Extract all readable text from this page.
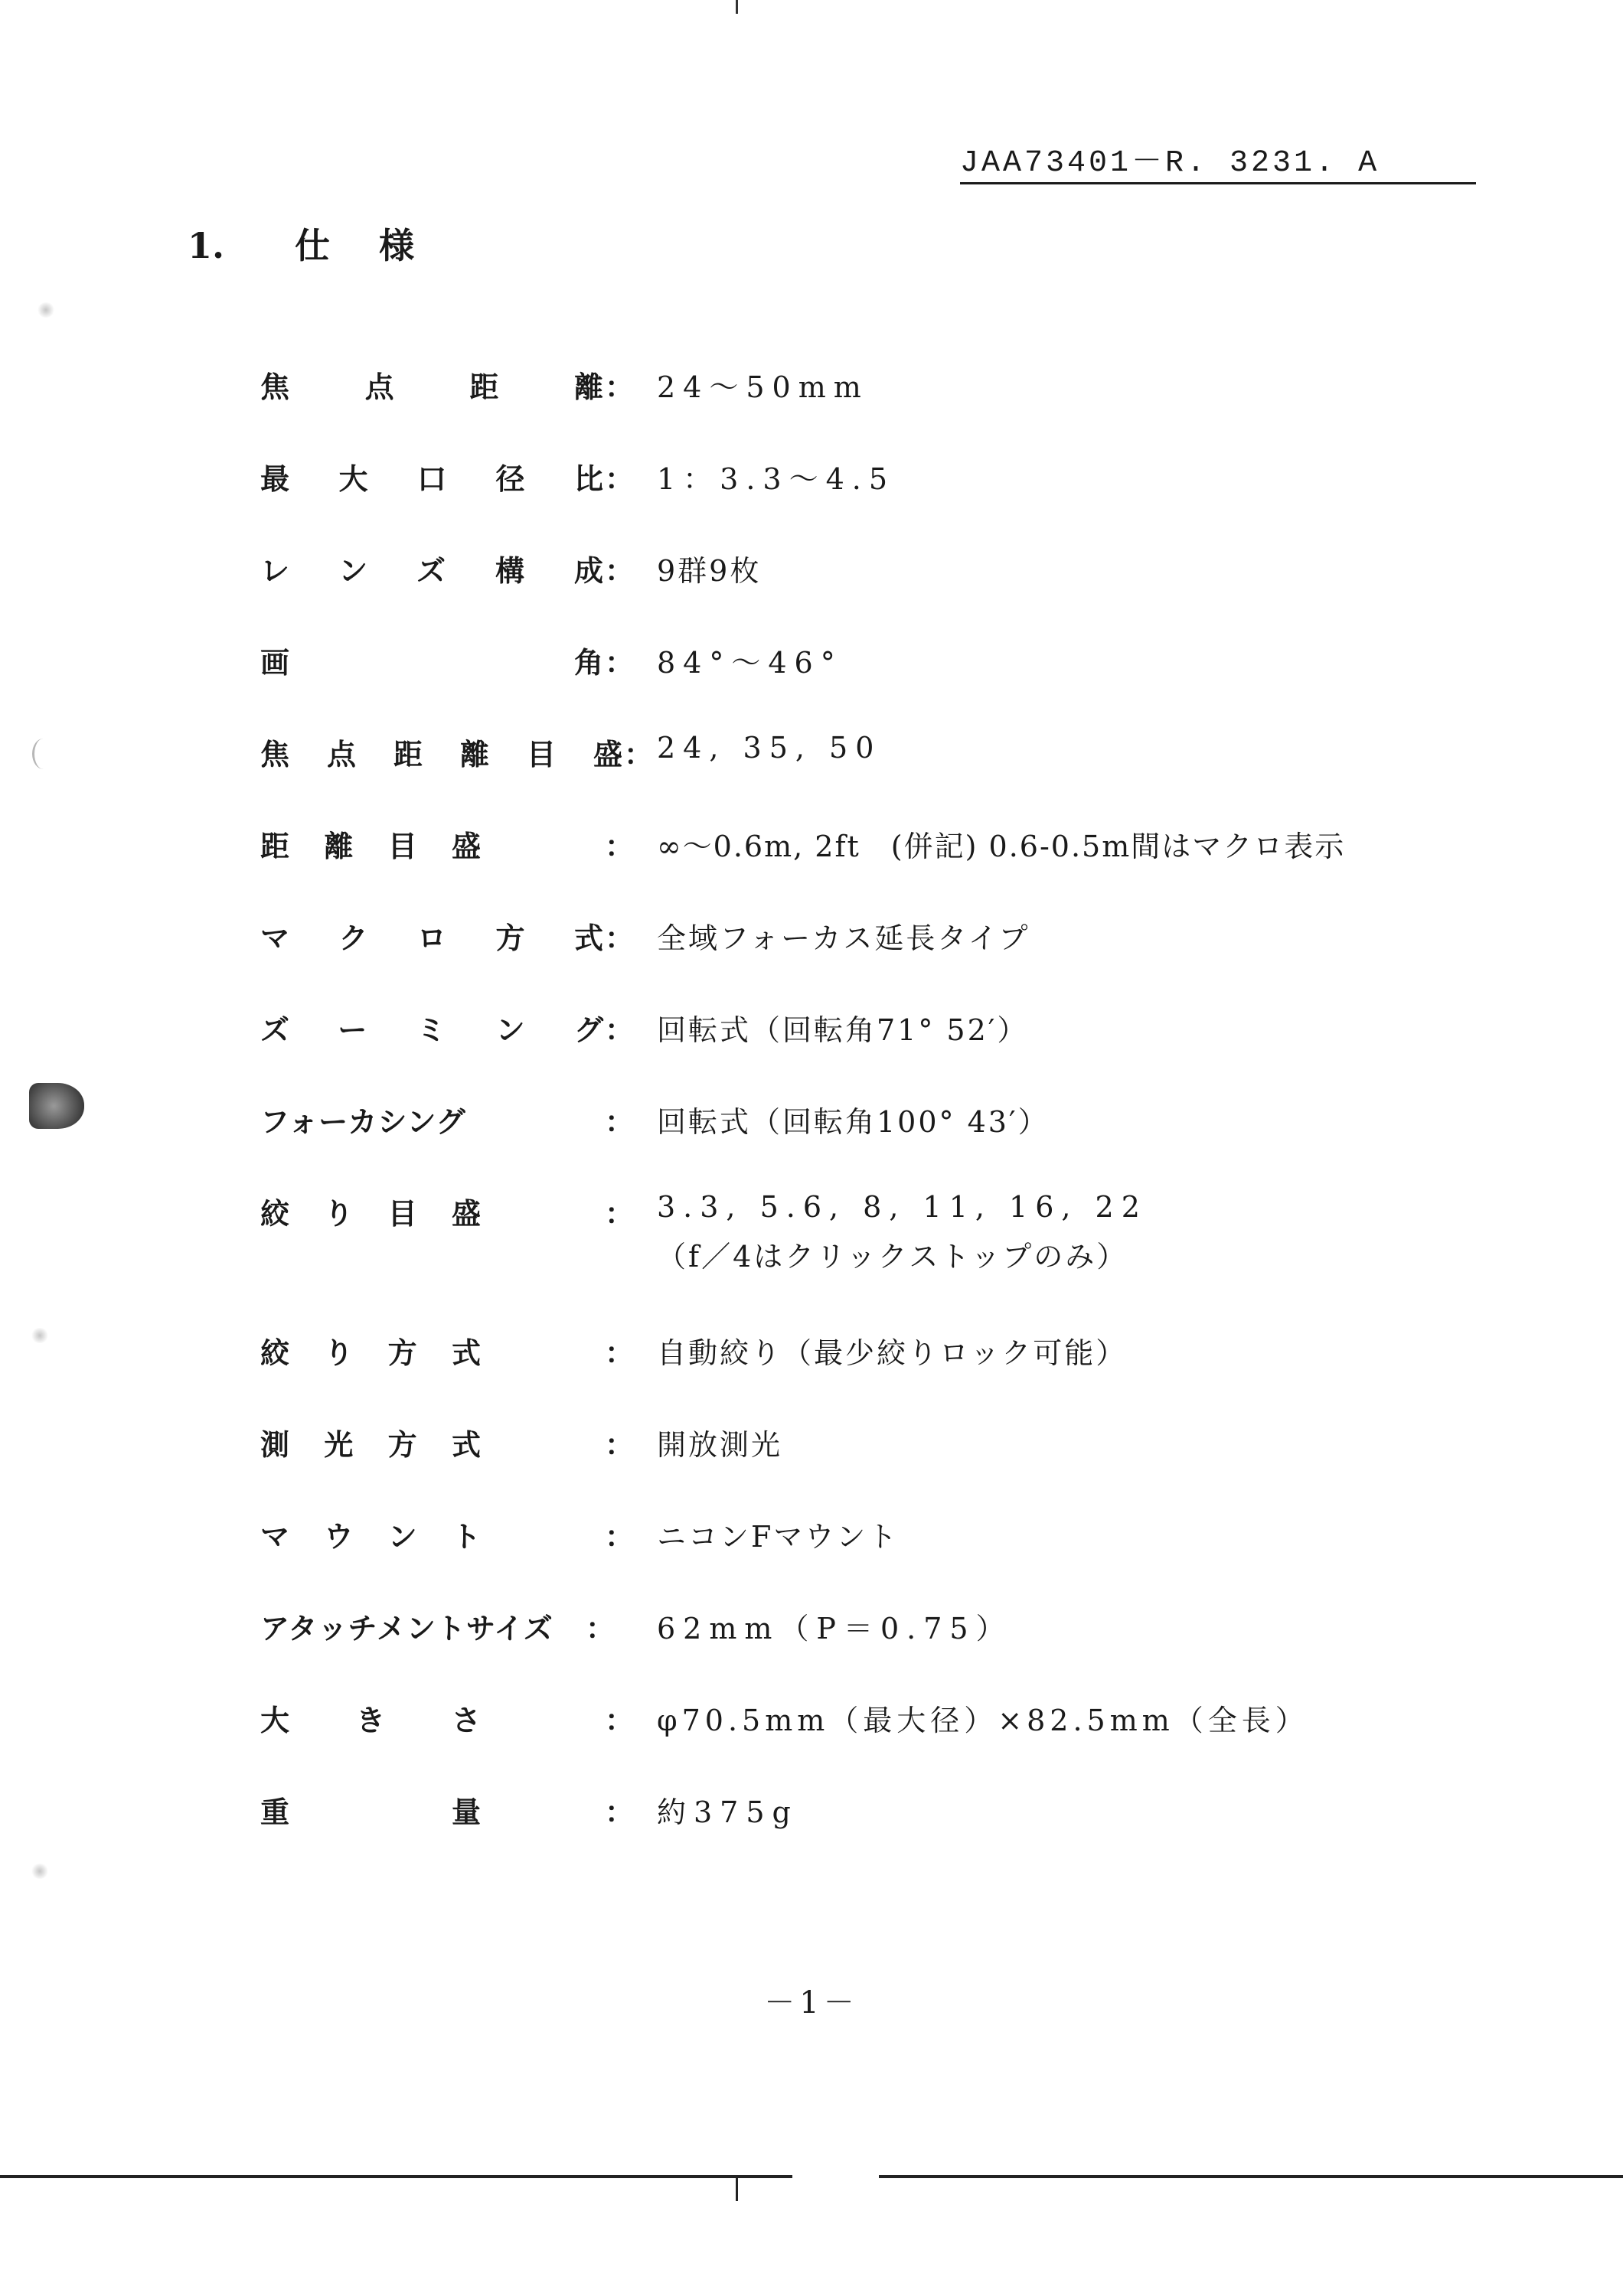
JAA73401－R. 3231. A
1. 仕様
焦点距離 ： 24〜50mm
最大口径比 ： 1：3.3〜4.5
レンズ構成 ： 9群9枚
画角 ： 84°〜46°
焦点距離目盛 ： 24, 35, 50
距離目盛	： ∞〜0.6m, 2ft　(併記) 0.6-0.5m間はマクロ表示
マクロ方式 ： 全域フォーカス延長タイプ
ズーミング ： 回転式（回転角71° 52′）
フォーカシング	： 回転式（回転角100° 43′）
絞り目盛	： 3.3, 5.6, 8, 11, 16, 22
（f／4はクリックストップのみ）
絞り方式	： 自動絞り（最少絞りロック可能）
測光方式	： 開放測光
マウント	： ニコンFマウント
アタッチメントサイズ ： 62mm（P＝0.75）
大きさ	： φ70.5mm（最大径）×82.5mm（全長）
重量	： 約375g
－1－
